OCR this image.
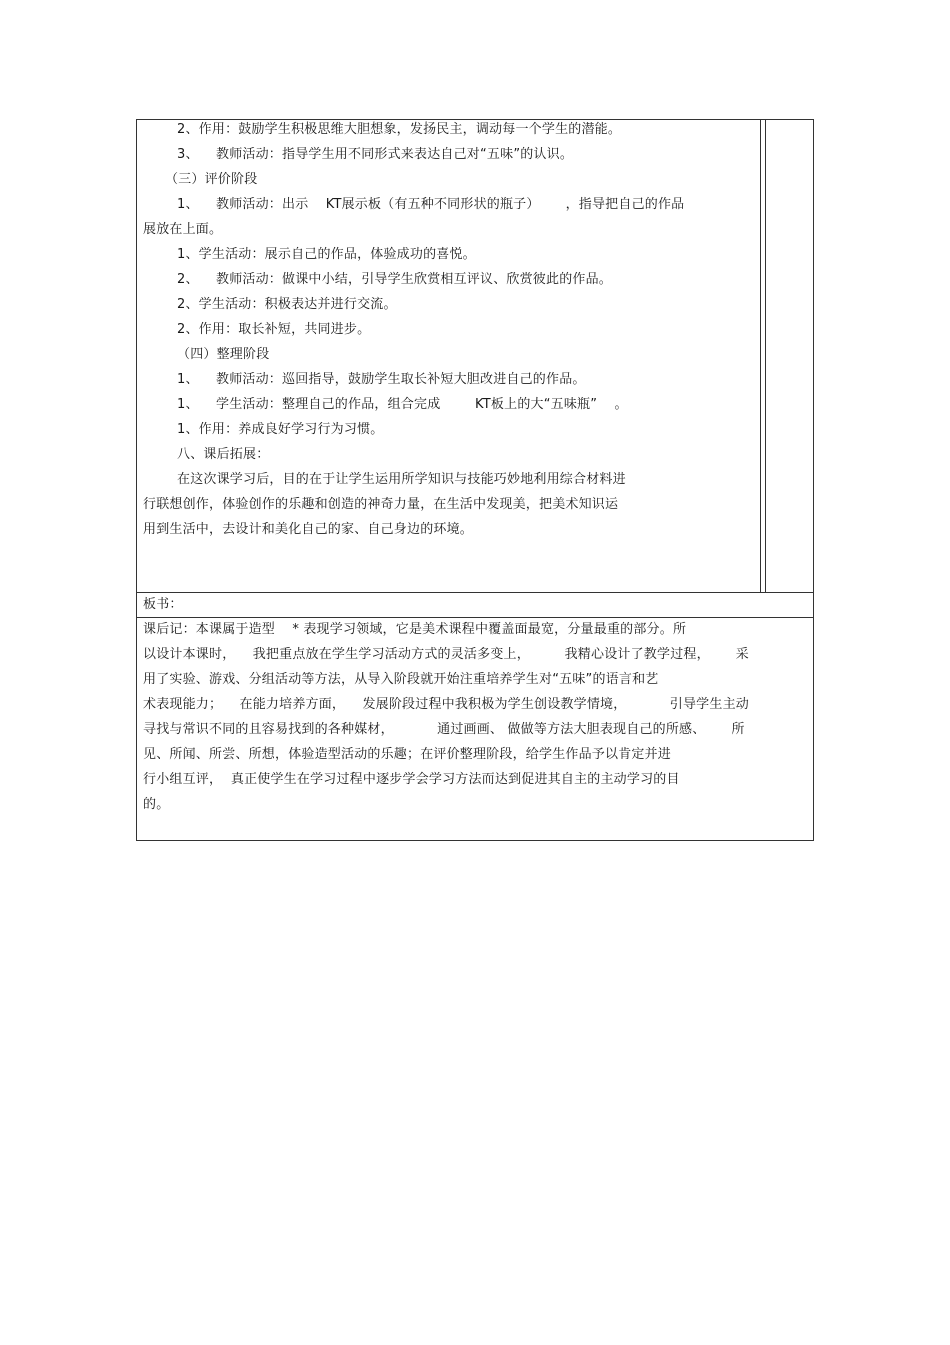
2、作用：鼓励学生积极思维大胆想象，发扬民主，调动每一个学生的潜能。
3、    教师活动：指导学生用不同形式来表达自己对“五味”的认识。
（三）评价阶段
1、    教师活动：出示    KT展示板（有五种不同形状的瓶子）      ，指导把自己的作品
展放在上面。
1、学生活动：展示自己的作品，体验成功的喜悦。
2、    教师活动：做课中小结，引导学生欣赏相互评议、欣赏彼此的作品。
2、学生活动：积极表达并进行交流。
2、作用：取长补短，共同进步。
（四）整理阶段
1、    教师活动：巡回指导，鼓励学生取长补短大胆改进自己的作品。
1、    学生活动：整理自己的作品，组合完成        KT板上的大“五味瓶”    。
1、作用：养成良好学习行为习惯。
八、课后拓展：
在这次课学习后，目的在于让学生运用所学知识与技能巧妙地利用综合材料进
行联想创作，体验创作的乐趣和创造的神奇力量，在生活中发现美，把美术知识运
用到生活中，去设计和美化自己的家、自己身边的环境。
板书：
课后记：本课属于造型    * 表现学习领域，它是美术课程中覆盖面最宽，分量最重的部分。所
以设计本课时，    我把重点放在学生学习活动方式的灵活多变上，        我精心设计了教学过程，      采
用了实验、游戏、分组活动等方法，从导入阶段就开始注重培养学生对“五味”的语言和艺
术表现能力；    在能力培养方面，    发展阶段过程中我积极为学生创设教学情境，          引导学生主动
寻找与常识不同的且容易找到的各种媒材，          通过画画、 做做等方法大胆表现自己的所感、      所
见、所闻、所尝、所想，体验造型活动的乐趣；在评价整理阶段，给学生作品予以肯定并进
行小组互评，  真正使学生在学习过程中逐步学会学习方法而达到促进其自主的主动学习的目
的。
